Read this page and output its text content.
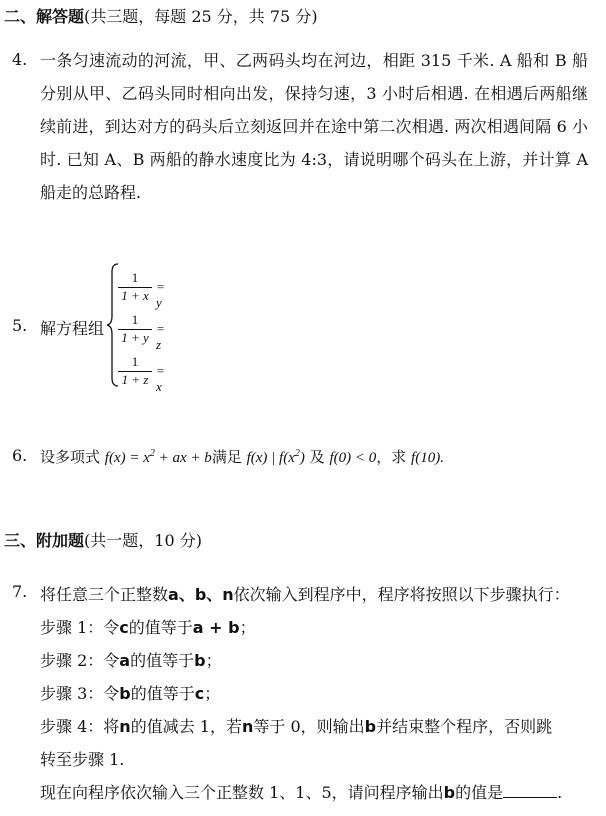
二、解答题(共三题，每题 25 分，共 75 分)
4. 一条匀速流动的河流，甲、乙两码头均在河边，相距 315 千米. A 船和 B 船分别从甲、乙码头同时相向出发，保持匀速，3 小时后相遇. 在相遇后两船继续前进，到达对方的码头后立刻返回并在途中第二次相遇. 两次相遇间隔 6 小时. 已知 A、B 两船的静水速度比为 4:3，请说明哪个码头在上游，并计算 A 船走的总路程.
5. 解方程组
1
1 + x
= y
1
1 + y
= z
1
1 + z
= x
6. 设多项式 $f(x) = x^2$ + ax + b满足 f(x) | $f(x^2)$ 及 f(0) < 0，求 f(10).
三、附加题(共一题，10 分)
7. 将任意三个正整数a、b、n依次输入到程序中，程序将按照以下步骤执行：
步骤 1：令c的值等于a + b；
步骤 2：令a的值等于b；
步骤 3：令b的值等于c；
步骤 4：将n的值减去 1，若n等于 0，则输出b并结束整个程序，否则跳
转至步骤 1.
现在向程序依次输入三个正整数 1、1、5，请问程序输出b的值是	.
